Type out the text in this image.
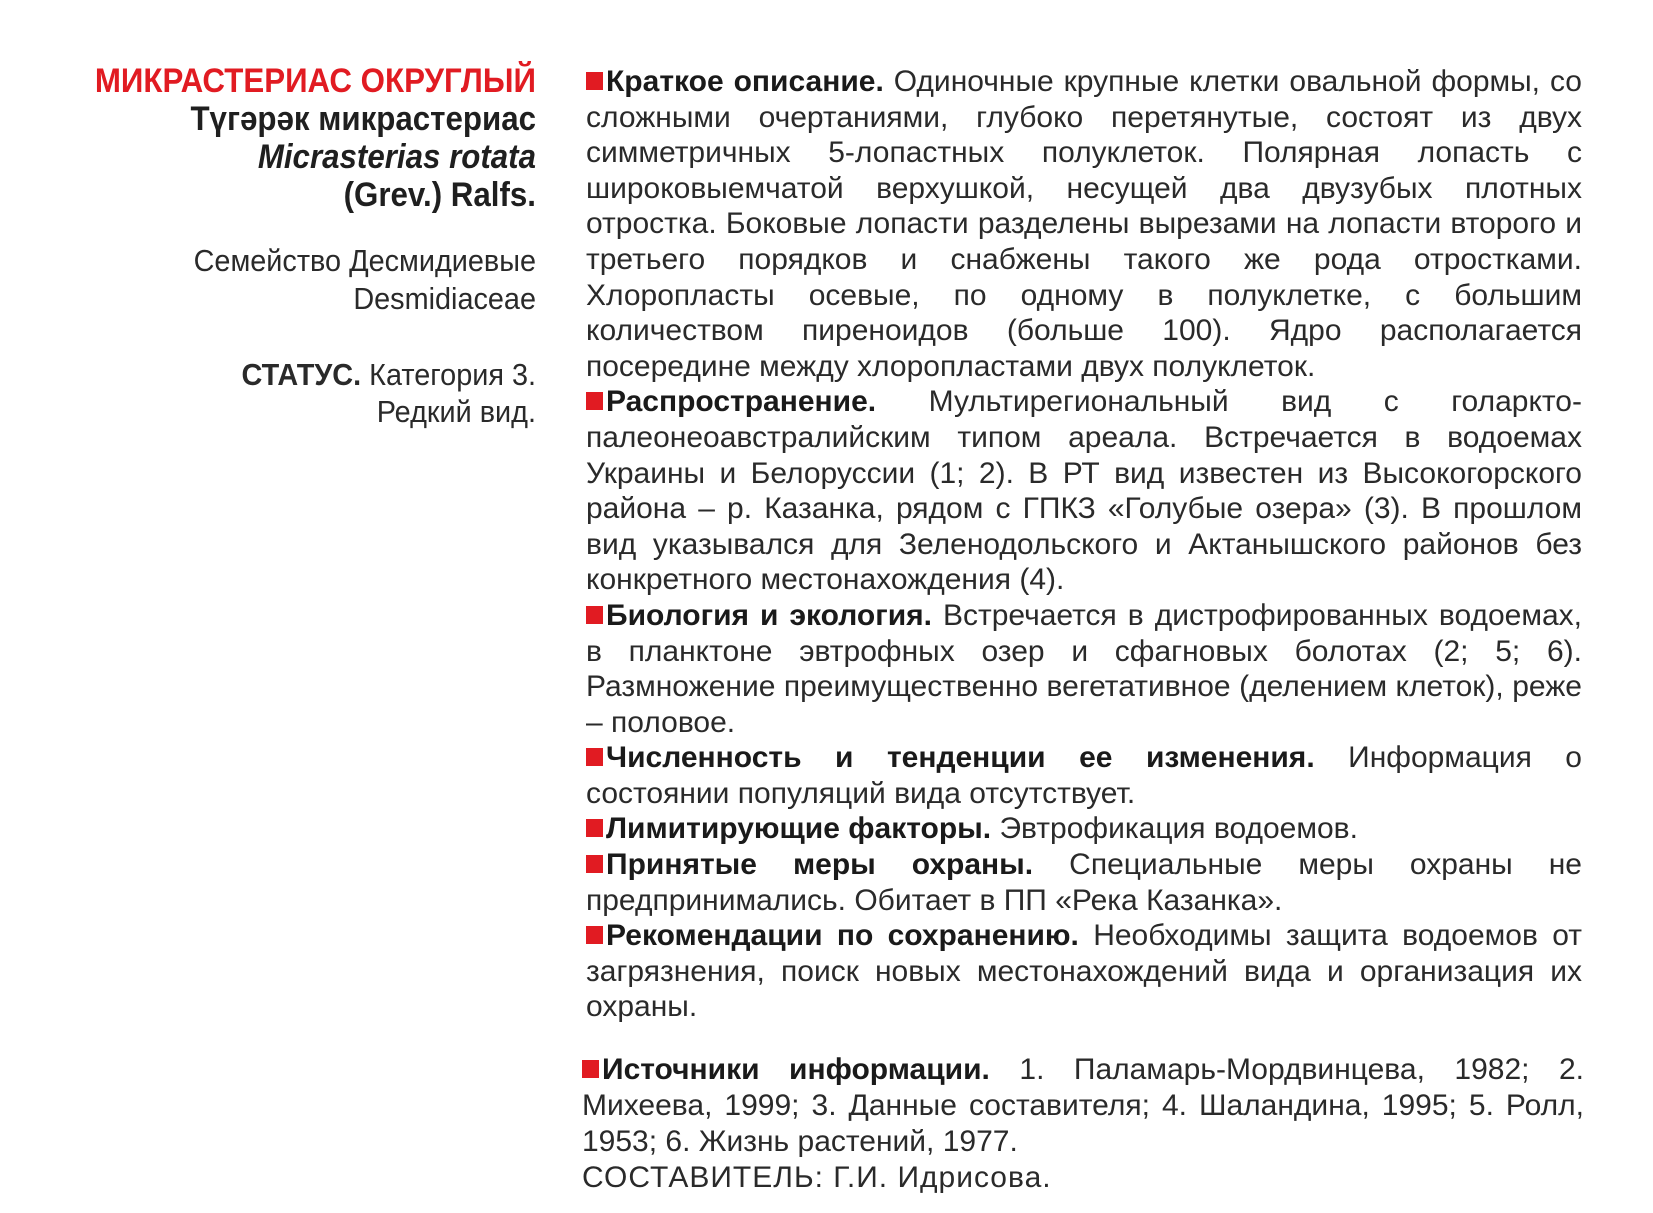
МИКРАСТЕРИАС ОКРУГЛЫЙ
Түгәрәк микрастериас
Micrasterias rotata
(Grev.) Ralfs.
Семейство Десмидиевые
Desmidiaceae
СТАТУС. Категория 3.
Редкий вид.

Краткое описание. Одиночные крупные клетки овальной формы, со сложными очертаниями, глубоко перетянутые, состоят из двух симметричных 5-лопастных полуклеток. Полярная лопасть с широковыемчатой верхушкой, несущей два двузубых плотных отростка. Боковые лопасти разделены вырезами на лопасти второго и третьего порядков и снабжены такого же рода отростками. Хлоропласты осевые, по одному в полуклетке, с большим количеством пиреноидов (больше 100). Ядро располагается посередине между хлоропластами двух полуклеток.

Распространение. Мультирегиональный вид с голаркто-палеонеоавстралийским типом ареала. Встречается в водоемах Украины и Белоруссии (1; 2). В РТ вид известен из Высокогорского района – р. Казанка, рядом с ГПКЗ «Голубые озера» (3). В прошлом вид указывался для Зеленодольского и Актанышского районов без конкретного местонахождения (4).

Биология и экология. Встречается в дистрофированных водоемах, в планктоне эвтрофных озер и сфагновых болотах (2; 5; 6). Размножение преимущественно вегетативное (делением клеток), реже – половое.

Численность и тенденции ее изменения. Информация о состоянии популяций вида отсутствует.

Лимитирующие факторы. Эвтрофикация водоемов.

Принятые меры охраны. Специальные меры охраны не предпринимались. Обитает в ПП «Река Казанка».

Рекомендации по сохранению. Необходимы защита водоемов от загрязнения, поиск новых местонахождений вида и организация их охраны.

Источники информации. 1. Паламарь-Мордвинцева, 1982; 2. Михеева, 1999; 3. Данные составителя; 4. Шаландина, 1995; 5. Ролл, 1953; 6. Жизнь растений, 1977.
СОСТАВИТЕЛЬ: Г.И. Идрисова.
